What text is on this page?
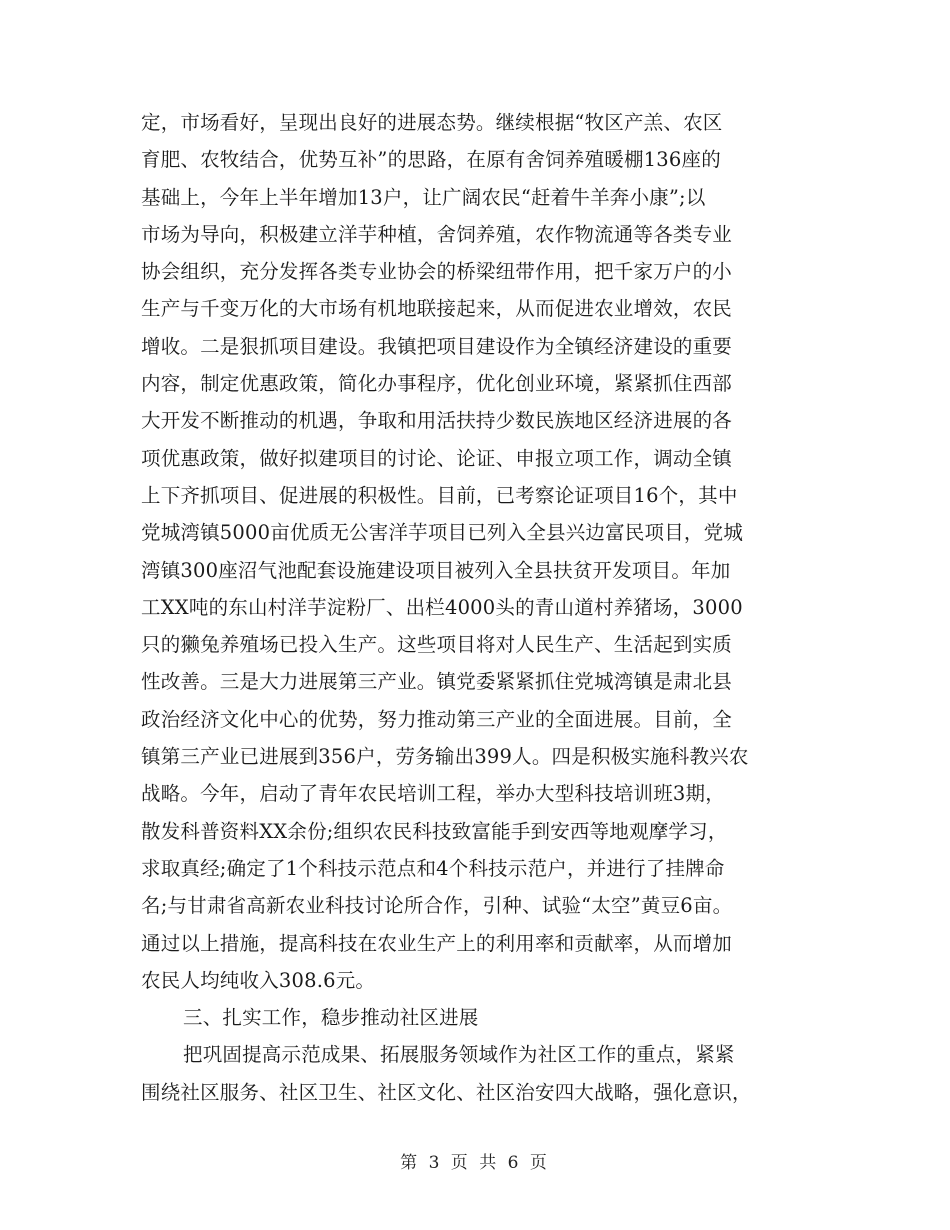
定，市场看好，呈现出良好的进展态势。继续根据“牧区产羔、农区
育肥、农牧结合，优势互补”的思路，在原有舍饲养殖暖棚136座的
基础上，今年上半年增加13户，让广阔农民“赶着牛羊奔小康”;以
市场为导向，积极建立洋芋种植，舍饲养殖，农作物流通等各类专业
协会组织，充分发挥各类专业协会的桥梁纽带作用，把千家万户的小
生产与千变万化的大市场有机地联接起来，从而促进农业增效，农民
增收。二是狠抓项目建设。我镇把项目建设作为全镇经济建设的重要
内容，制定优惠政策，简化办事程序，优化创业环境，紧紧抓住西部
大开发不断推动的机遇，争取和用活扶持少数民族地区经济进展的各
项优惠政策，做好拟建项目的讨论、论证、申报立项工作，调动全镇
上下齐抓项目、促进展的积极性。目前，已考察论证项目16个，其中
党城湾镇5000亩优质无公害洋芋项目已列入全县兴边富民项目，党城
湾镇300座沼气池配套设施建设项目被列入全县扶贫开发项目。年加
工XX吨的东山村洋芋淀粉厂、出栏4000头的青山道村养猪场，3000
只的獭兔养殖场已投入生产。这些项目将对人民生产、生活起到实质
性改善。三是大力进展第三产业。镇党委紧紧抓住党城湾镇是肃北县
政治经济文化中心的优势，努力推动第三产业的全面进展。目前，全
镇第三产业已进展到356户，劳务输出399人。四是积极实施科教兴农
战略。今年，启动了青年农民培训工程，举办大型科技培训班3期，
散发科普资料XX余份;组织农民科技致富能手到安西等地观摩学习，
求取真经;确定了1个科技示范点和4个科技示范户，并进行了挂牌命
名;与甘肃省高新农业科技讨论所合作，引种、试验“太空”黄豆6亩。
通过以上措施，提高科技在农业生产上的利用率和贡献率，从而增加
农民人均纯收入308.6元。
三、扎实工作，稳步推动社区进展
把巩固提高示范成果、拓展服务领域作为社区工作的重点，紧紧
围绕社区服务、社区卫生、社区文化、社区治安四大战略，强化意识，
第 3 页 共 6 页
